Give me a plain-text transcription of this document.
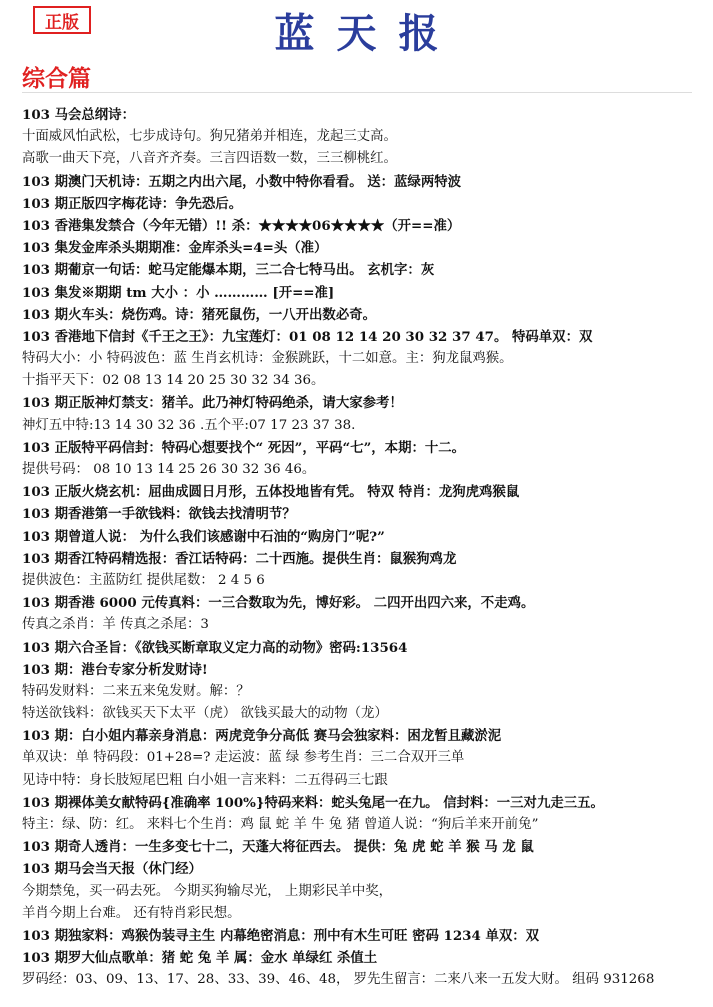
正版	蓝天报
综合篇
103 马会总纲诗：
十面威风怕武松，七步成诗句。狗兄猪弟并相连，龙起三丈高。
高歌一曲天下亮，八音齐齐奏。三言四语数一数，三三柳桃红。
103 期澳门天机诗：五期之内出六尾，小数中特你看看。 送：蓝绿两特波
103 期正版四字梅花诗：争先恐后。
103 香港集发禁合（今年无错）!! 杀：★★★★06★★★★（开==准）
103 集发金库杀头期期准：金库杀头=4=头（准）
103 期葡京一句话：蛇马定能爆本期，三二合七特马出。 玄机字：灰
103 集发※期期 tm 大小 ：小 ………… [开==准]
103 期火车头：烧伤鸡。诗：猪死鼠伤，一八开出数必奇。
103 香港地下信封《千王之王》：九宝莲灯：01 08 12 14 20 30 32 37 47。 特码单双：双
特码大小：小 特码波色：蓝 生肖玄机诗：金猴跳跃，十二如意。主：狗龙鼠鸡猴。
十指平天下：02 08 13 14 20 25 30 32 34 36。
103 期正版神灯禁支：猪羊。此乃神灯特码绝杀，请大家参考！
神灯五中特:13 14 30 32 36 .五个平:07 17 23 37 38.
103 正版特平码信封：特码心想要找个“ 死因”，平码“七”，本期：十二。
提供号码： 08 10 13 14 25 26 30 32 36 46。
103 正版火烧玄机：屈曲成圆日月形，五体投地皆有凭。 特双 特肖：龙狗虎鸡猴鼠
103 期香港第一手欲钱料：欲钱去找清明节？
103 期曾道人说： 为什么我们该感谢中石油的“购房门”呢?”
103 期香江特码精选报：香江话特码：二十西施。提供生肖：鼠猴狗鸡龙
提供波色：主蓝防红 提供尾数： 2 4 5 6
103 期香港 6000 元传真料：一三合数取为先，博好彩。 二四开出四六来，不走鸡。
传真之杀肖：羊 传真之杀尾：3
103 期六合圣旨：《欲钱买断章取义定力高的动物》密码:13564
103 期：港台专家分析发财诗!
特码发财料：二来五来兔发财。解：？
特送欲钱料：欲钱买天下太平（虎） 欲钱买最大的动物（龙）
103 期：白小姐内幕亲身消息：两虎竞争分高低 赛马会独家料：困龙暂且藏淤泥
单双诀：单 特码段：01+28=? 走运波：蓝 绿 参考生肖：三二合双开三单
见诗中特：身长肢短尾巴粗 白小姐一言来料：二五得码三七跟
103 期裸体美女献特码{准确率 100%}特码来料：蛇头兔尾一在九。 信封料：一三对九走三五。
特主：绿、防：红。 来料七个生肖：鸡 鼠 蛇 羊 牛 兔 猪 曾道人说：“狗后羊来开前兔”
103 期奇人透肖：一生多变七十二，天蓬大将征西去。 提供：兔 虎 蛇 羊 猴 马 龙 鼠
103 期马会当天报（休门经）
今期禁兔，买一码去死。 今期买狗输尽光， 上期彩民羊中奖，
羊肖今期上台难。 还有特肖彩民想。
103 期独家料：鸡猴伪装寻主生 内幕绝密消息：刑中有木生可旺 密码 1234 单双：双
103 期罗大仙点歌单：猪 蛇 兔 羊 属：金水 单绿红 杀值土
罗码经：03、09、13、17、28、33、39、46、48， 罗先生留言：二来八来一五发大财。 组码 931268
